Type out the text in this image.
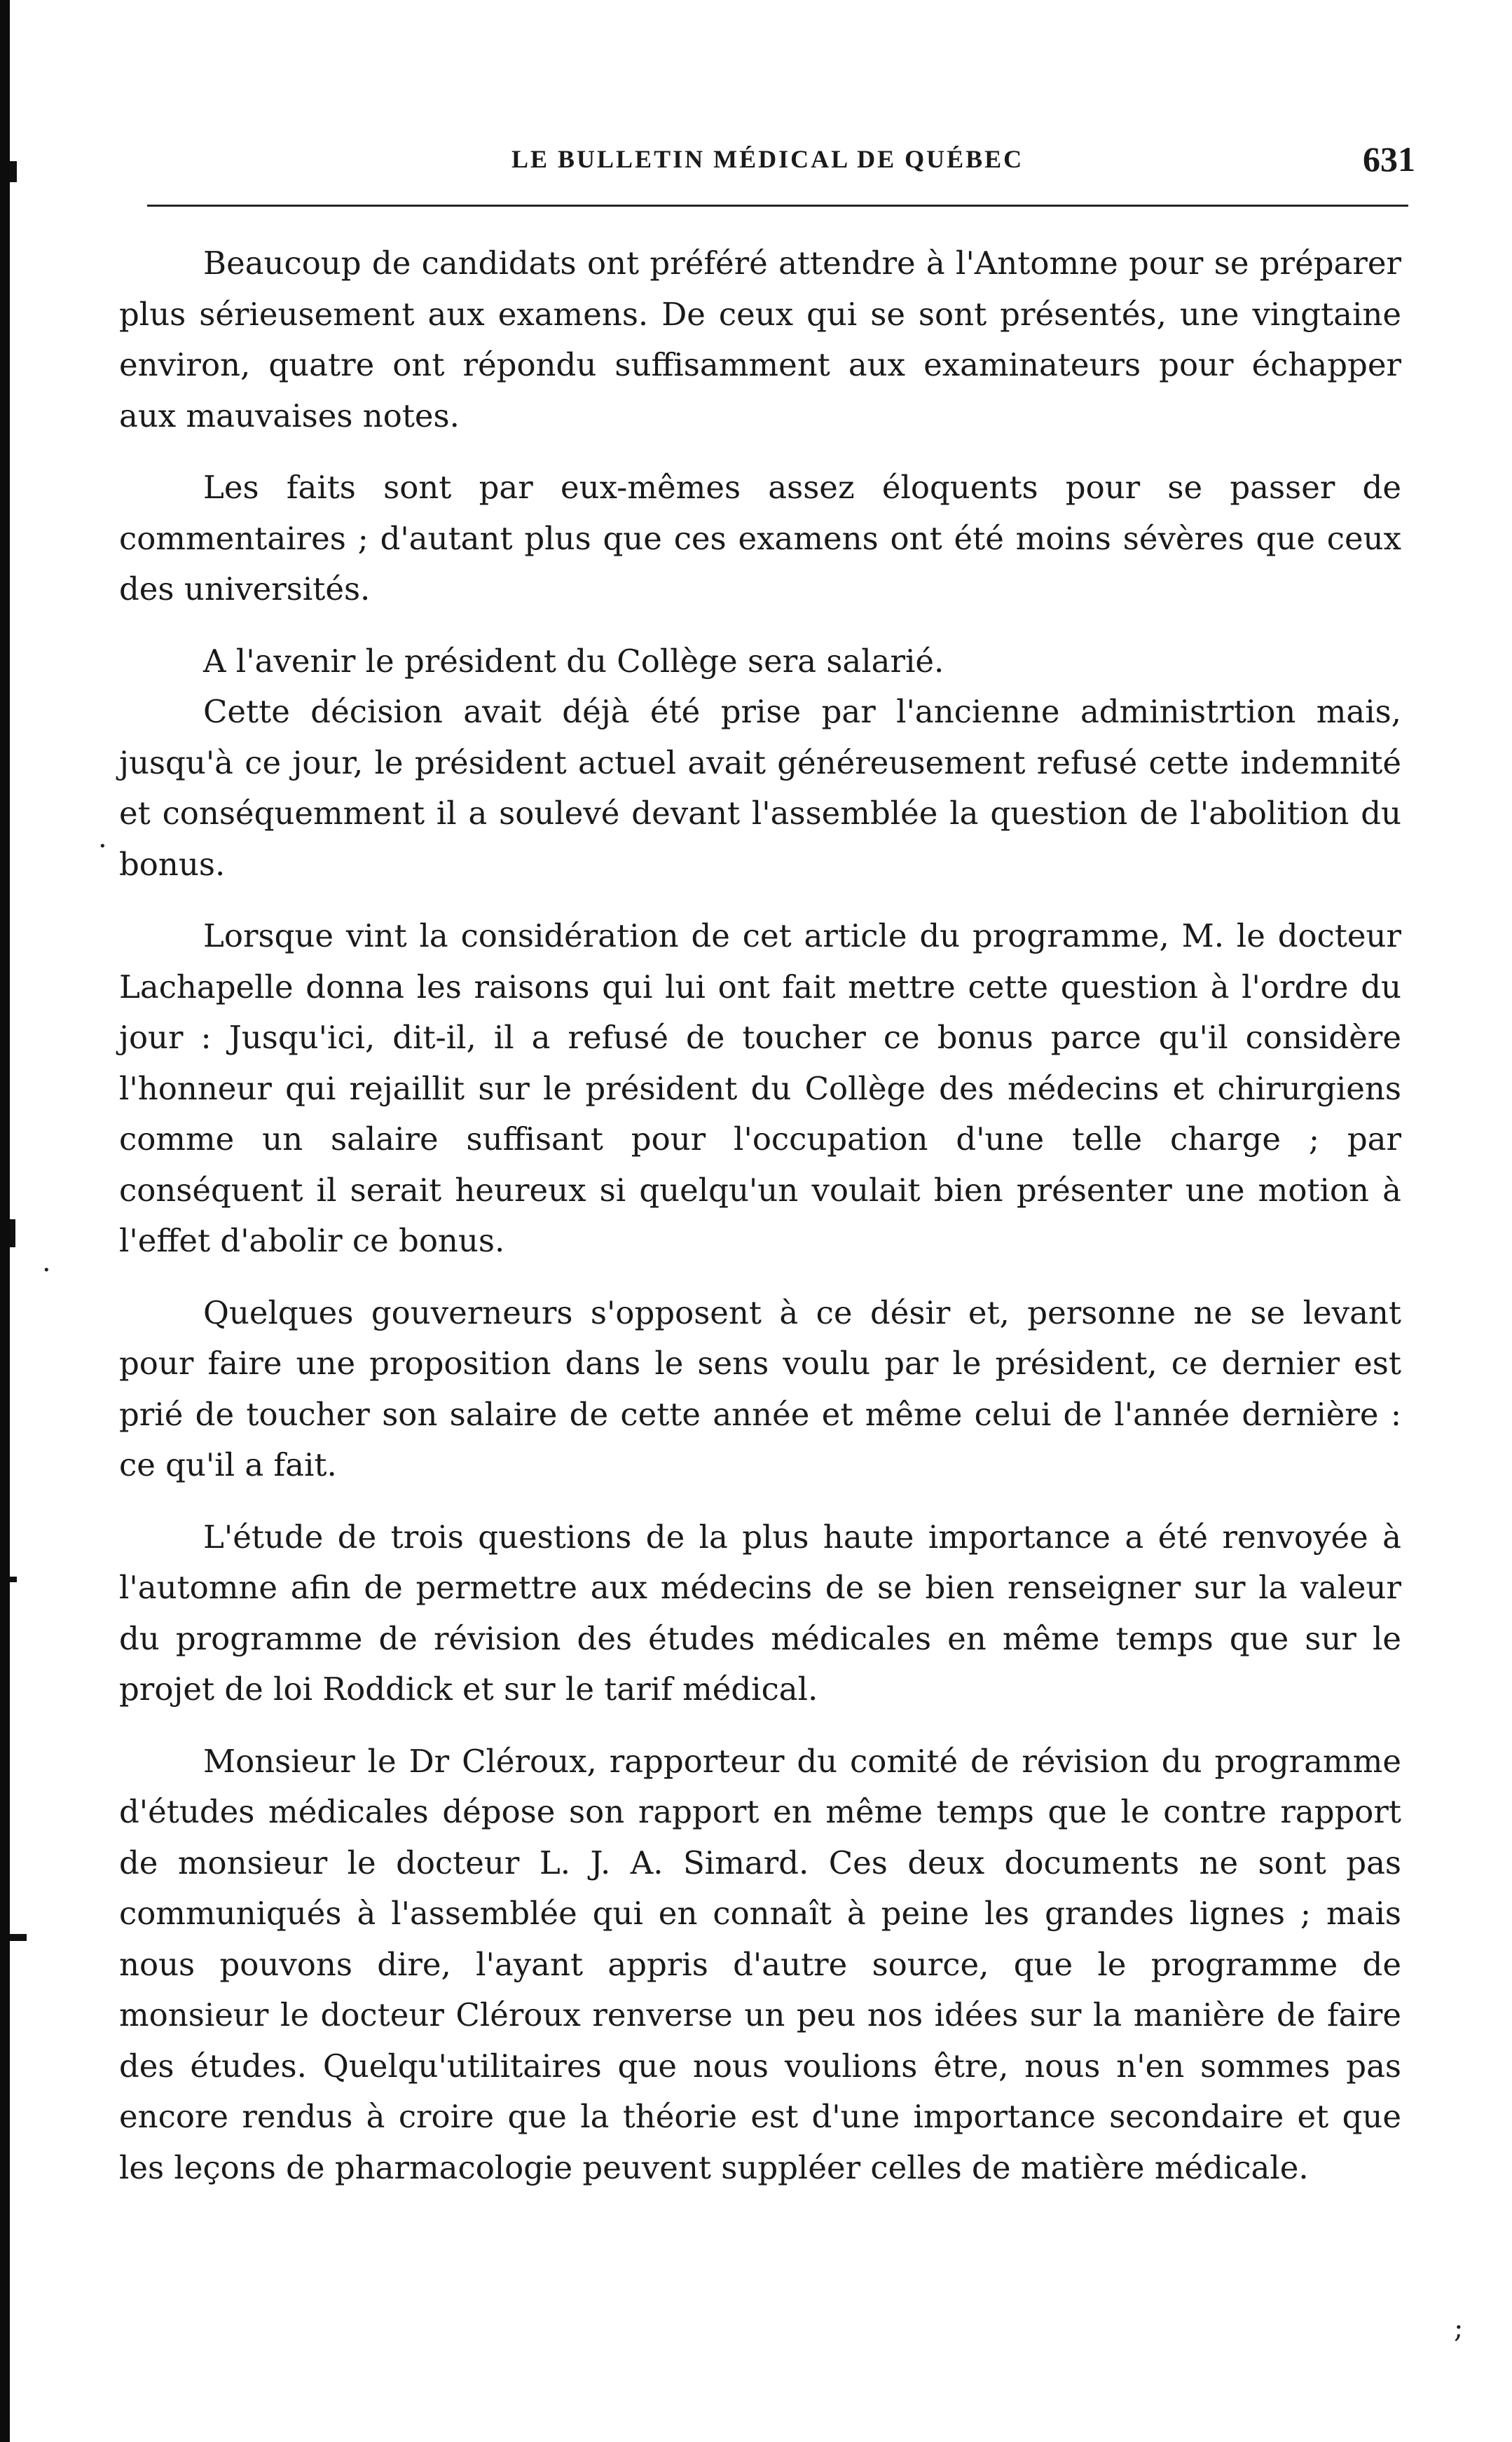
LE BULLETIN MÉDICAL DE QUÉBEC	631

Beaucoup de candidats ont préféré attendre à l'Antomne pour se préparer plus sérieusement aux examens. De ceux qui se sont présentés, une vingtaine environ, quatre ont répondu suffisamment aux examinateurs pour échapper aux mauvaises notes.

Les faits sont par eux-mêmes assez éloquents pour se passer de commentaires ; d'autant plus que ces examens ont été moins sévères que ceux des universités.

A l'avenir le président du Collège sera salarié.

Cette décision avait déjà été prise par l'ancienne administrtion mais, jusqu'à ce jour, le président actuel avait généreusement refusé cette indemnité et conséquemment il a soulevé devant l'assemblée la question de l'abolition du bonus.

Lorsque vint la considération de cet article du programme, M. le docteur Lachapelle donna les raisons qui lui ont fait mettre cette question à l'ordre du jour : Jusqu'ici, dit-il, il a refusé de toucher ce bonus parce qu'il considère l'honneur qui rejaillit sur le président du Collège des médecins et chirurgiens comme un salaire suffisant pour l'occupation d'une telle charge ; par conséquent il serait heureux si quelqu'un voulait bien présenter une motion à l'effet d'abolir ce bonus.

Quelques gouverneurs s'opposent à ce désir et, personne ne se levant pour faire une proposition dans le sens voulu par le président, ce dernier est prié de toucher son salaire de cette année et même celui de l'année dernière : ce qu'il a fait.

L'étude de trois questions de la plus haute importance a été renvoyée à l'automne afin de permettre aux médecins de se bien renseigner sur la valeur du programme de révision des études médicales en même temps que sur le projet de loi Roddick et sur le tarif médical.

Monsieur le Dr Cléroux, rapporteur du comité de révision du programme d'études médicales dépose son rapport en même temps que le contre rapport de monsieur le docteur L. J. A. Simard. Ces deux documents ne sont pas communiqués à l'assemblée qui en connaît à peine les grandes lignes ; mais nous pouvons dire, l'ayant appris d'autre source, que le programme de monsieur le docteur Cléroux renverse un peu nos idées sur la manière de faire des études. Quelqu'utilitaires que nous voulions être, nous n'en sommes pas encore rendus à croire que la théorie est d'une importance secondaire et que les leçons de pharmacologie peuvent suppléer celles de matière médicale.

·
·
;
